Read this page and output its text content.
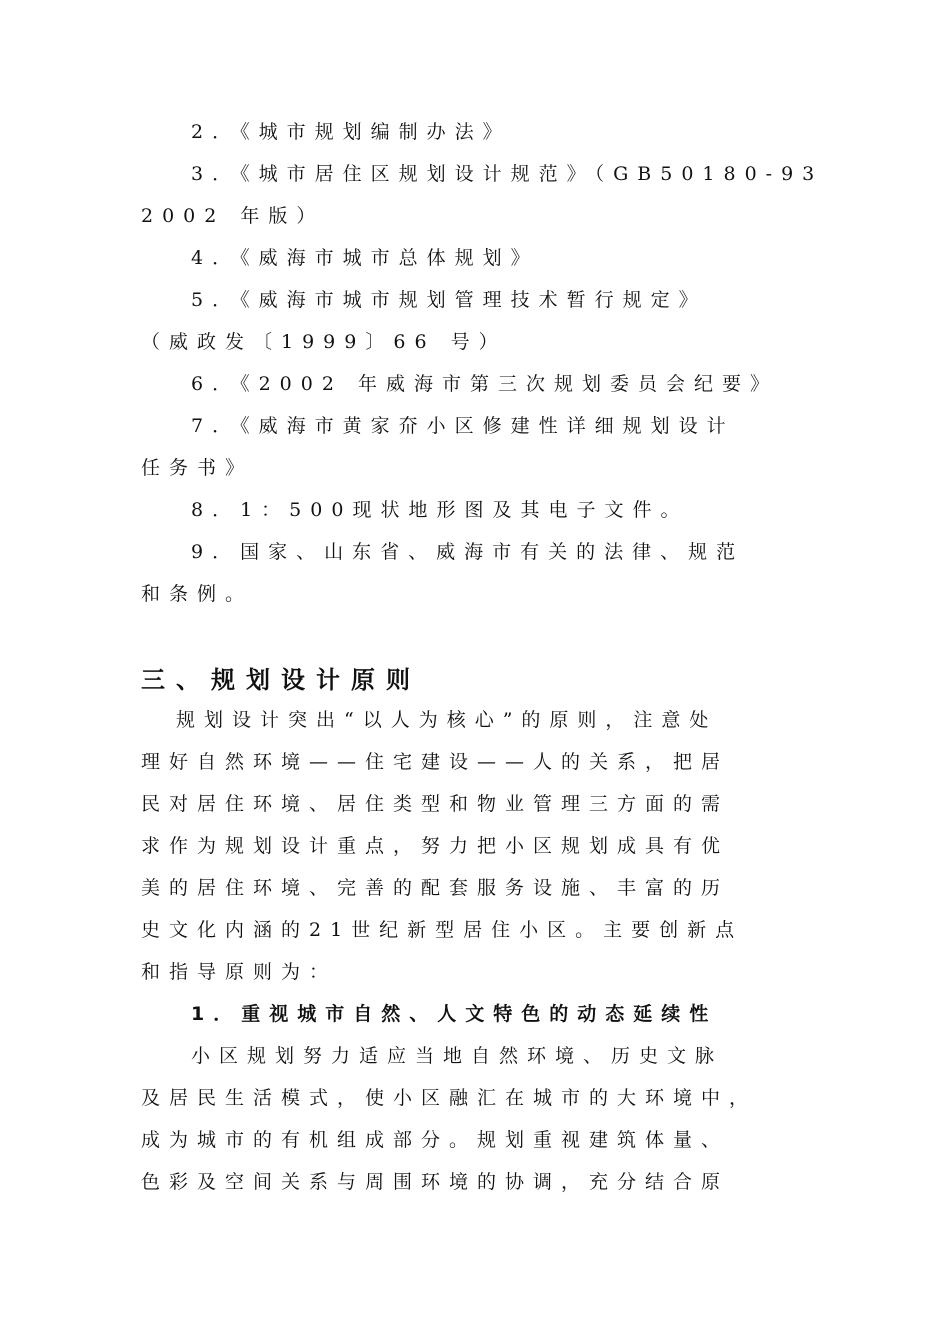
2．《城市规划编制办法》
3．《城市居住区规划设计规范》（GB50180-93
2002 年版）
4．《威海市城市总体规划》
5．《威海市城市规划管理技术暂行规定》
（威政发〔1999〕66 号）
6．《2002 年威海市第三次规划委员会纪要》
7．《威海市黄家夼小区修建性详细规划设计
任务书》
8．1：500现状地形图及其电子文件。
9．国家、山东省、威海市有关的法律、规范
和条例。
三、规划设计原则
规划设计突出“以人为核心”的原则，注意处
理好自然环境——住宅建设——人的关系，把居
民对居住环境、居住类型和物业管理三方面的需
求作为规划设计重点，努力把小区规划成具有优
美的居住环境、完善的配套服务设施、丰富的历
史文化内涵的21世纪新型居住小区。主要创新点
和指导原则为：
1．重视城市自然、人文特色的动态延续性
小区规划努力适应当地自然环境、历史文脉
及居民生活模式，使小区融汇在城市的大环境中，
成为城市的有机组成部分。规划重视建筑体量、
色彩及空间关系与周围环境的协调，充分结合原
